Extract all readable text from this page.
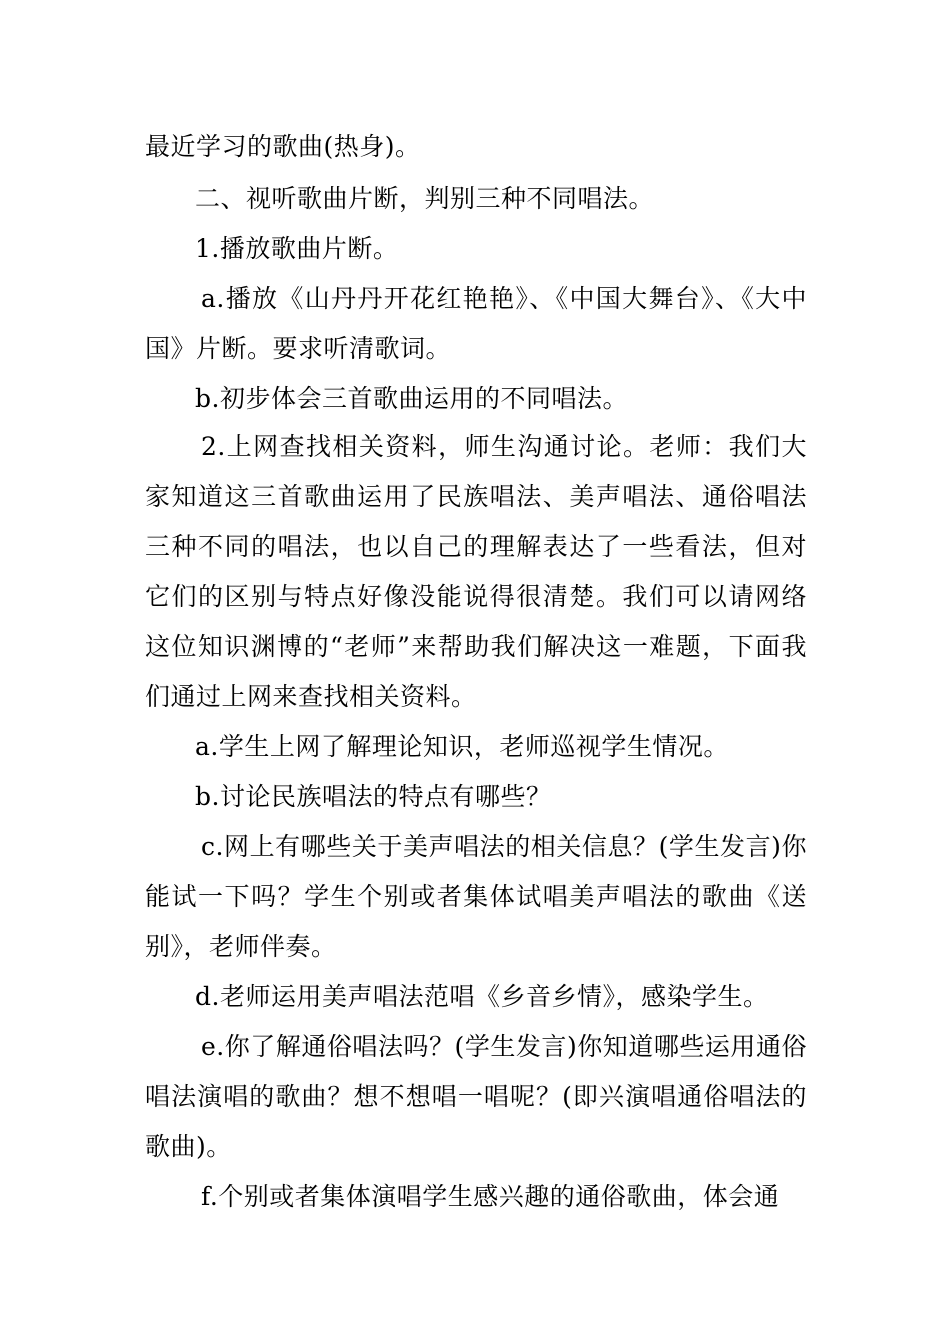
最近学习的歌曲(热身)。

二、视听歌曲片断，判别三种不同唱法。

1.播放歌曲片断。

a.播放《山丹丹开花红艳艳》、《中国大舞台》、《大中国》片断。要求听清歌词。

b.初步体会三首歌曲运用的不同唱法。

2.上网查找相关资料，师生沟通讨论。老师：我们大家知道这三首歌曲运用了民族唱法、美声唱法、通俗唱法三种不同的唱法，也以自己的理解表达了一些看法，但对它们的区别与特点好像没能说得很清楚。我们可以请网络这位知识渊博的“老师”来帮助我们解决这一难题，下面我们通过上网来查找相关资料。

a.学生上网了解理论知识，老师巡视学生情况。

b.讨论民族唱法的特点有哪些？

c.网上有哪些关于美声唱法的相关信息？(学生发言)你能试一下吗？学生个别或者集体试唱美声唱法的歌曲《送别》，老师伴奏。

d.老师运用美声唱法范唱《乡音乡情》，感染学生。

e.你了解通俗唱法吗？(学生发言)你知道哪些运用通俗唱法演唱的歌曲？想不想唱一唱呢？(即兴演唱通俗唱法的歌曲)。

f.个别或者集体演唱学生感兴趣的通俗歌曲，体会通
